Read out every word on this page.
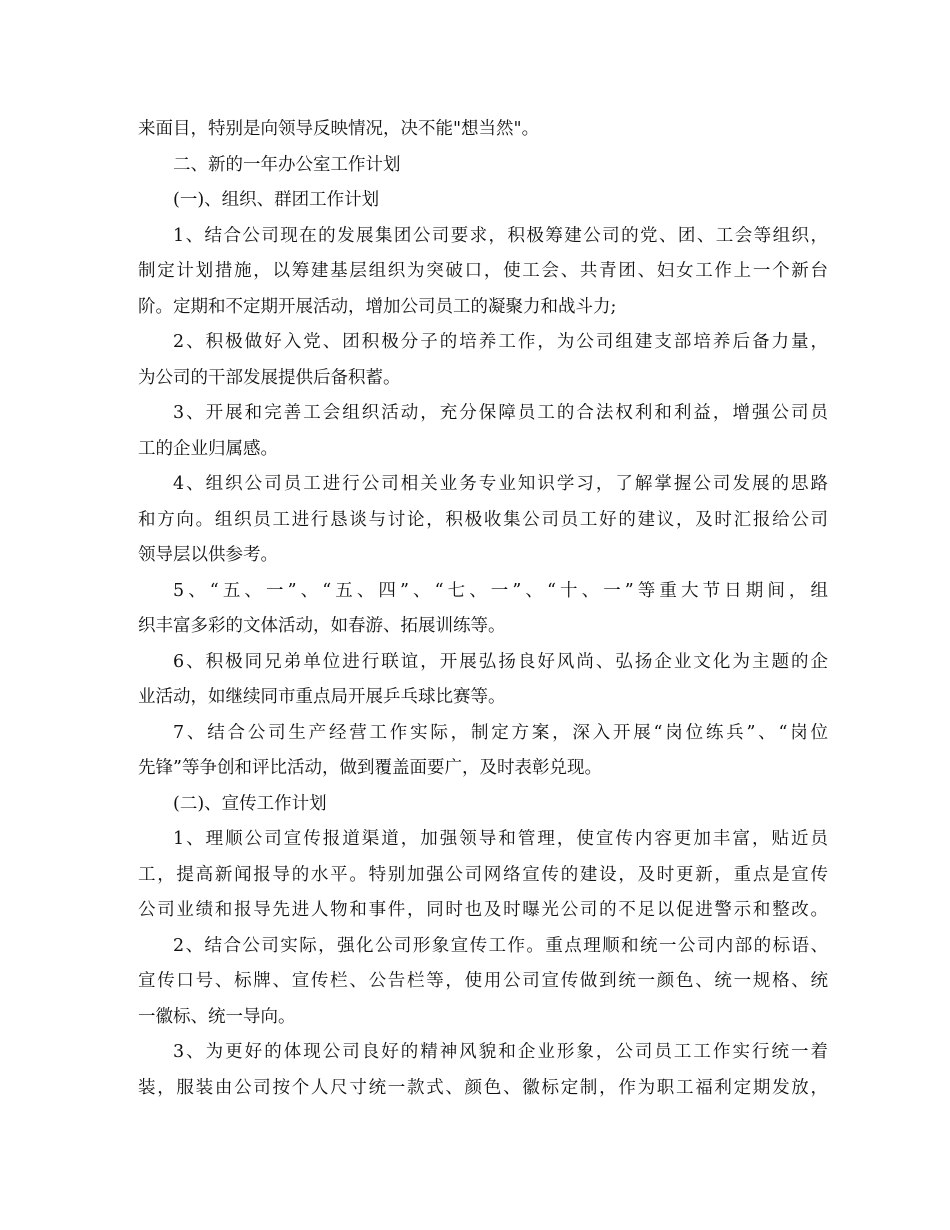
来面目，特别是向领导反映情况，决不能"想当然"。
二、新的一年办公室工作计划
(一)、组织、群团工作计划
1、结合公司现在的发展集团公司要求，积极筹建公司的党、团、工会等组织，
制定计划措施，以筹建基层组织为突破口，使工会、共青团、妇女工作上一个新台
阶。定期和不定期开展活动，增加公司员工的凝聚力和战斗力;
2、积极做好入党、团积极分子的培养工作，为公司组建支部培养后备力量，
为公司的干部发展提供后备积蓄。
3、开展和完善工会组织活动，充分保障员工的合法权利和利益，增强公司员
工的企业归属感。
4、组织公司员工进行公司相关业务专业知识学习，了解掌握公司发展的思路
和方向。组织员工进行恳谈与讨论，积极收集公司员工好的建议，及时汇报给公司
领导层以供参考。
5、“五、一”、“五、四”、“七、一”、“十、一”等重大节日期间，组
织丰富多彩的文体活动，如春游、拓展训练等。
6、积极同兄弟单位进行联谊，开展弘扬良好风尚、弘扬企业文化为主题的企
业活动，如继续同市重点局开展乒乓球比赛等。
7、结合公司生产经营工作实际，制定方案，深入开展“岗位练兵”、“岗位
先锋”等争创和评比活动，做到覆盖面要广，及时表彰兑现。
(二)、宣传工作计划
1、理顺公司宣传报道渠道，加强领导和管理，使宣传内容更加丰富，贴近员
工，提高新闻报导的水平。特别加强公司网络宣传的建设，及时更新，重点是宣传
公司业绩和报导先进人物和事件，同时也及时曝光公司的不足以促进警示和整改。
2、结合公司实际，强化公司形象宣传工作。重点理顺和统一公司内部的标语、
宣传口号、标牌、宣传栏、公告栏等，使用公司宣传做到统一颜色、统一规格、统
一徽标、统一导向。
3、为更好的体现公司良好的精神风貌和企业形象，公司员工工作实行统一着
装，服装由公司按个人尺寸统一款式、颜色、徽标定制，作为职工福利定期发放，
